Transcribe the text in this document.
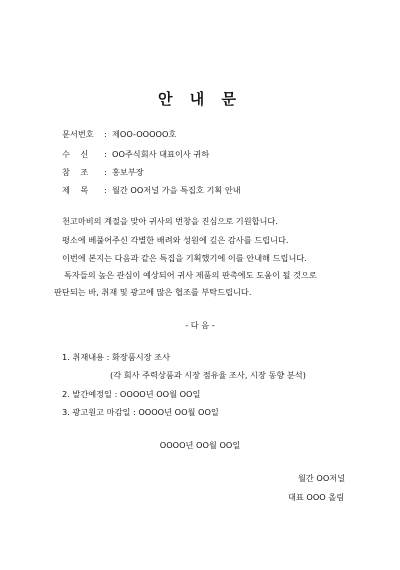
안 내 문
문서번호 : 제OO-OOOOO호
수    신 : OO주식회사 대표이사 귀하
참    조 : 홍보부장
제    목 : 월간 OO저널 가을 특집호 기획 안내
천고마비의 계절을 맞아 귀사의 번창을 진심으로 기원합니다.
평소에 베풀어주신 각별한 배려와 성원에 깊은 감사를 드립니다.
이번에 본지는 다음과 같은 특집을 기획했기에 이를 안내해 드립니다.
독자들의 높은 관심이 예상되어 귀사 제품의 판촉에도 도움이 될 것으로
판단되는 바, 취재 및 광고에 많은 협조를 부탁드립니다.
- 다 음 -
1. 취재내용 : 화장품시장 조사
(각 회사 주력상품과 시장 점유율 조사, 시장 동향 분석)
2. 발간예정일 : OOOO년 OO월 OO일
3. 광고원고 마감일 : OOOO년 OO월 OO일
OOOO년 OO월 OO일
월간 OO저널
대표 OOO 올림
